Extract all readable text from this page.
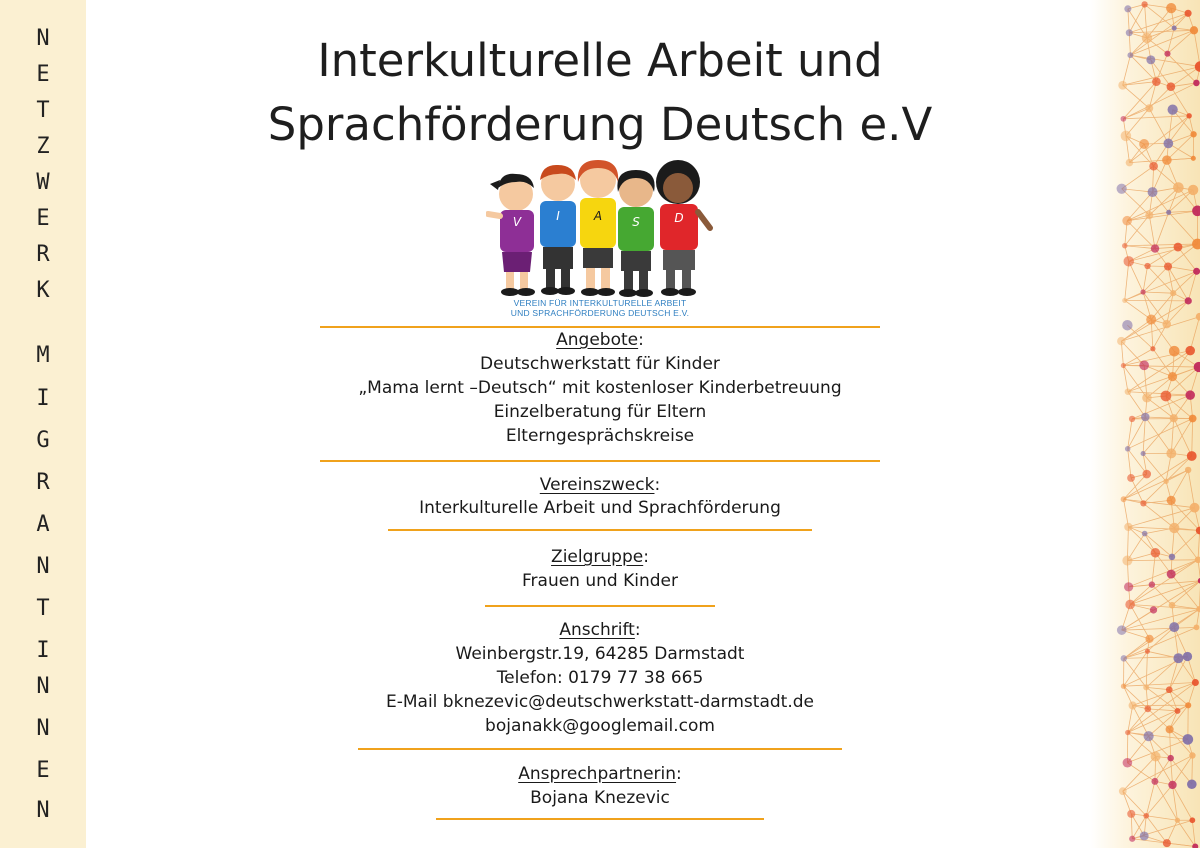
N
E
T
Z
W
E
R
K
M
I
G
R
A
N
T
I
N
N
E
N
Interkulturelle Arbeit und
Sprachförderung Deutsch e.V
V	I	A	S	D
VEREIN FÜR INTERKULTURELLE ARBEIT
UND SPRACHFÖRDERUNG DEUTSCH E.V.
Angebote:
Deutschwerkstatt für Kinder
„Mama lernt –Deutsch“ mit kostenloser Kinderbetreuung
Einzelberatung für Eltern
Elterngesprächskreise
Vereinszweck:
Interkulturelle Arbeit und Sprachförderung
Zielgruppe:
Frauen und Kinder
Anschrift:
Weinbergstr.19, 64285 Darmstadt
Telefon: 0179 77 38 665
E-Mail bknezevic@deutschwerkstatt-darmstadt.de
bojanakk@googlemail.com
Ansprechpartnerin:
Bojana Knezevic
